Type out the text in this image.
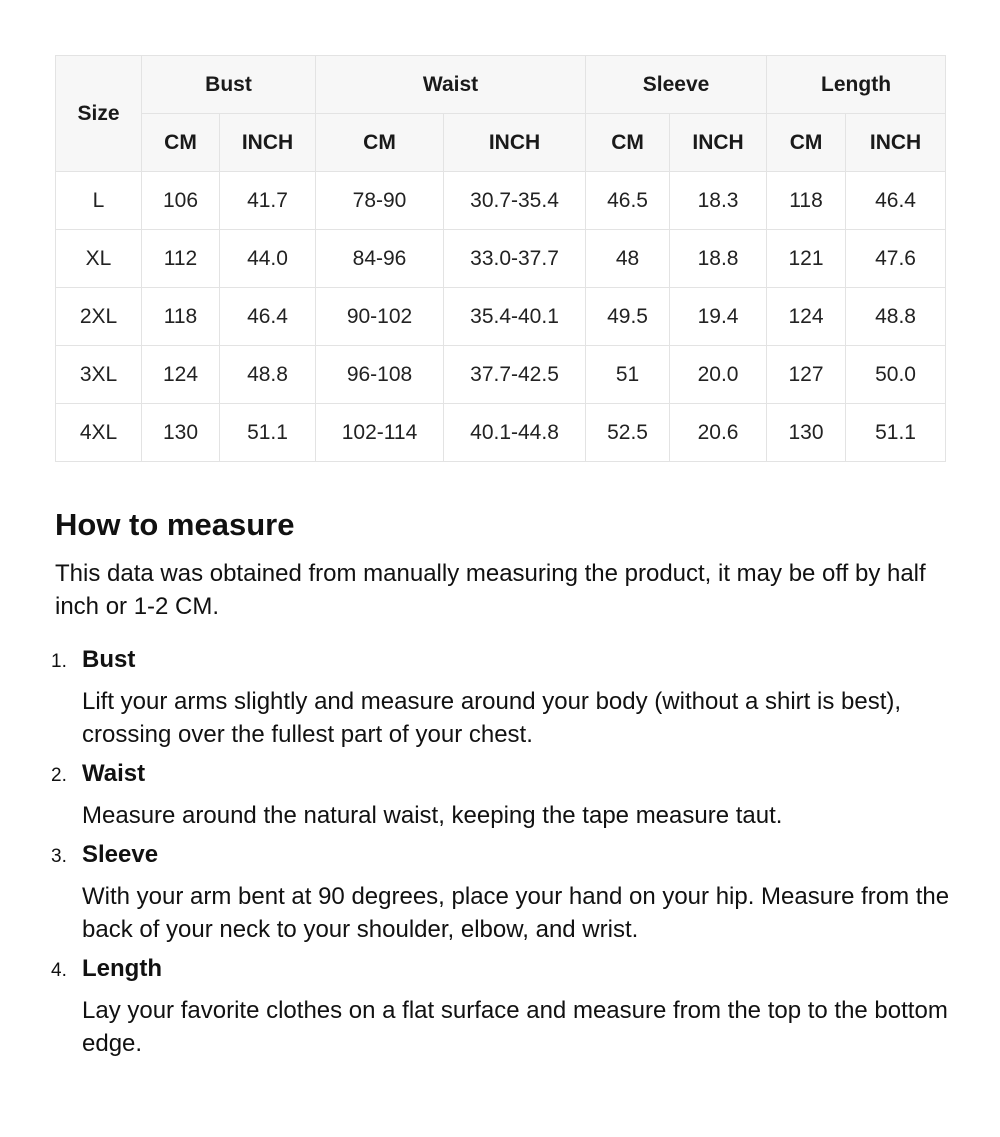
Size	Bust		Waist		Sleeve		Length	
	CM	INCH	CM	INCH	CM	INCH	CM	INCH
L	106	41.7	78-90	30.7-35.4	46.5	18.3	118	46.4
XL	112	44.0	84-96	33.0-37.7	48	18.8	121	47.6
2XL	118	46.4	90-102	35.4-40.1	49.5	19.4	124	48.8
3XL	124	48.8	96-108	37.7-42.5	51	20.0	127	50.0
4XL	130	51.1	102-114	40.1-44.8	52.5	20.6	130	51.1
How to measure

This data was obtained from manually measuring the product, it may be off by half inch or 1-2 CM.

1. Bust

Lift your arms slightly and measure around your body (without a shirt is best), crossing over the fullest part of your chest.

2. Waist

Measure around the natural waist, keeping the tape measure taut.

3. Sleeve

With your arm bent at 90 degrees, place your hand on your hip. Measure from the back of your neck to your shoulder, elbow, and wrist.

4. Length

Lay your favorite clothes on a flat surface and measure from the top to the bottom edge.
